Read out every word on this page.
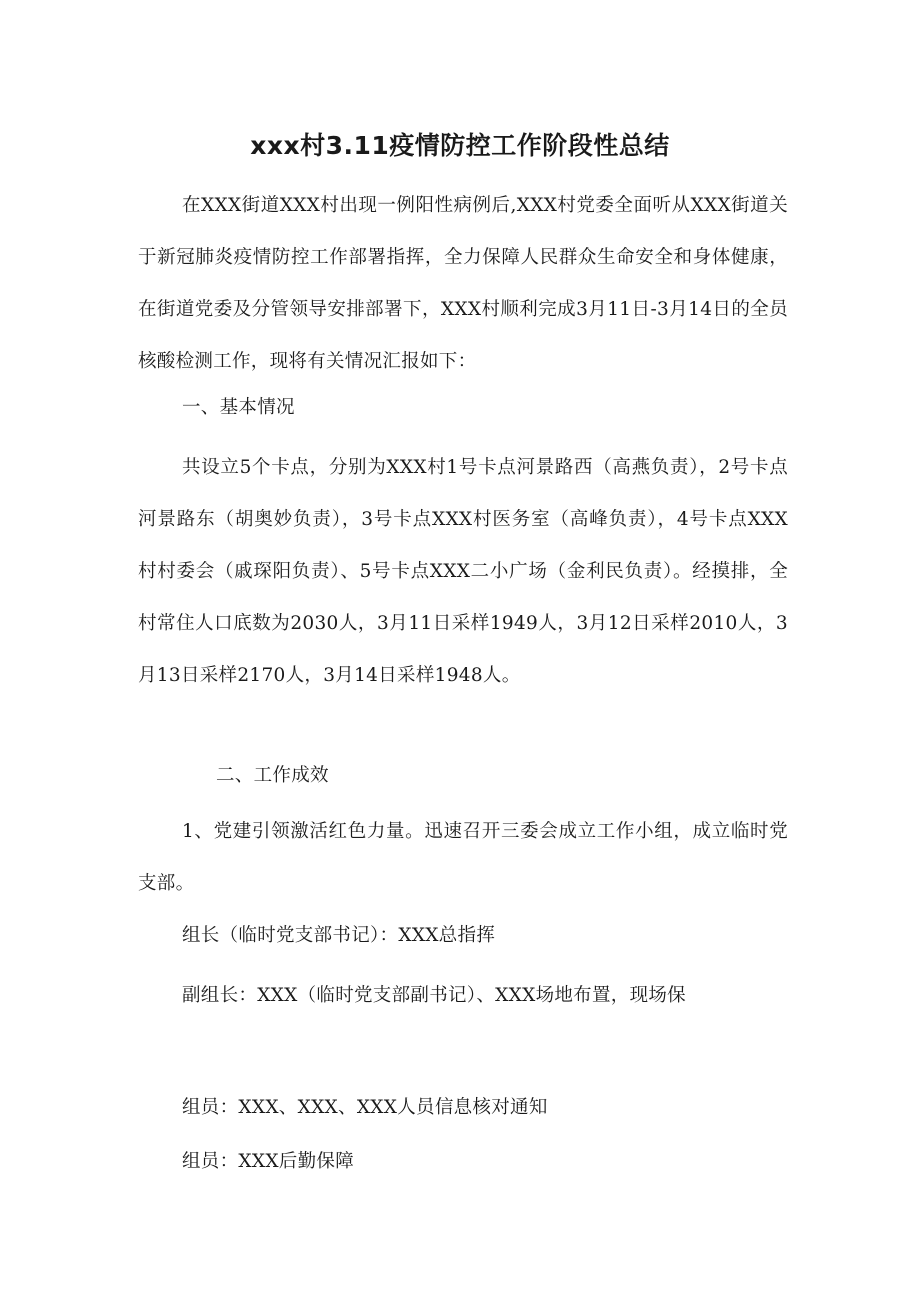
xxx村3.11疫情防控工作阶段性总结

在XXX街道XXX村出现一例阳性病例后,XXX村党委全面听从XXX街道关于新冠肺炎疫情防控工作部署指挥，全力保障人民群众生命安全和身体健康，在街道党委及分管领导安排部署下，XXX村顺利完成3月11日-3月14日的全员核酸检测工作，现将有关情况汇报如下：

一、基本情况

共设立5个卡点，分别为XXX村1号卡点河景路西（高燕负责），2号卡点河景路东（胡奥妙负责），3号卡点XXX村医务室（高峰负责），4号卡点XXX村村委会（戚琛阳负责）、5号卡点XXX二小广场（金利民负责）。经摸排，全村常住人口底数为2030人，3月11日采样1949人，3月12日采样2010人，3月13日采样2170人，3月14日采样1948人。

二、工作成效

1、党建引领激活红色力量。迅速召开三委会成立工作小组，成立临时党支部。

组长（临时党支部书记）：XXX总指挥

副组长：XXX（临时党支部副书记）、XXX场地布置，现场保

组员：XXX、XXX、XXX人员信息核对通知

组员：XXX后勤保障
